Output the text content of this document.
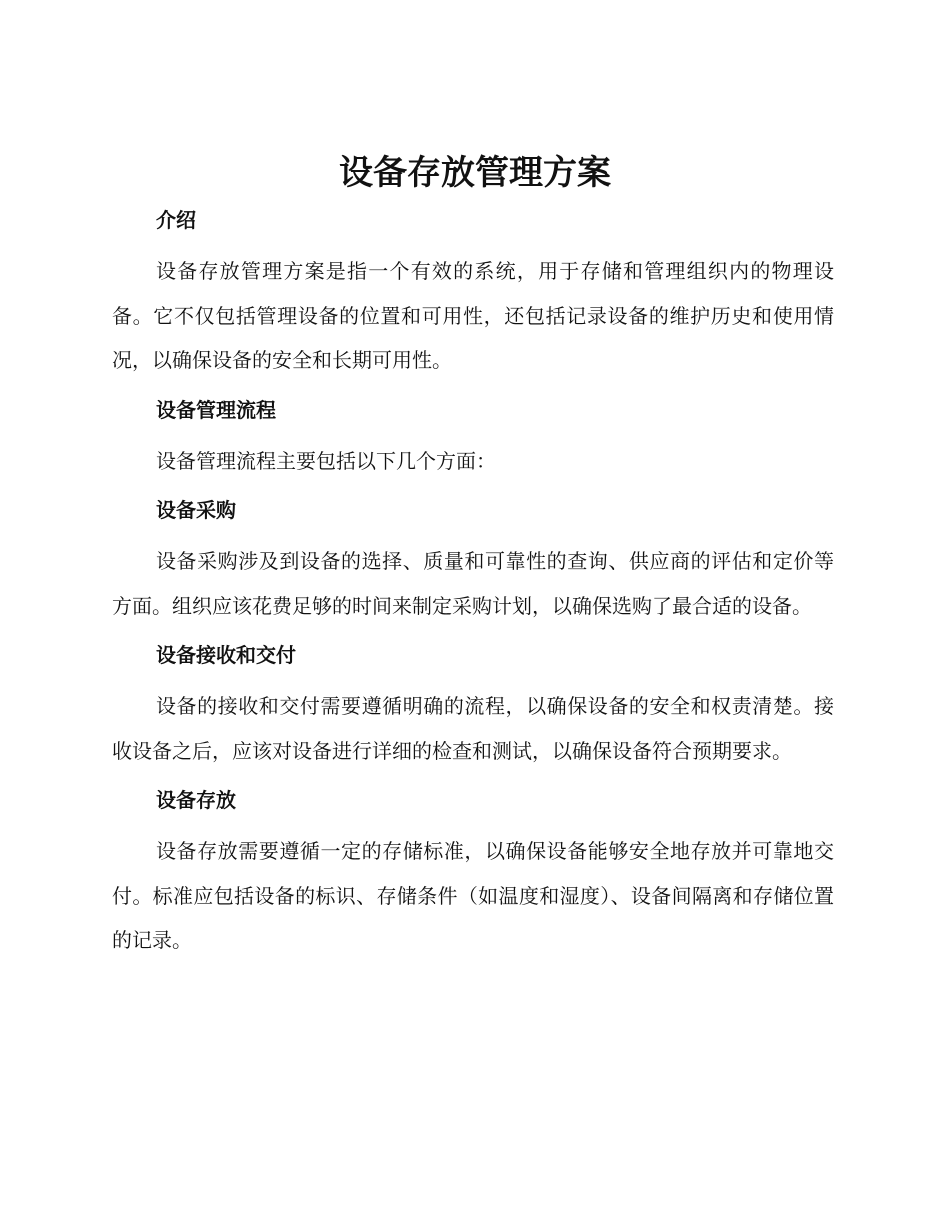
设备存放管理方案
介绍

设备存放管理方案是指一个有效的系统，用于存储和管理组织内的物理设备。它不仅包括管理设备的位置和可用性，还包括记录设备的维护历史和使用情况，以确保设备的安全和长期可用性。

设备管理流程

设备管理流程主要包括以下几个方面：

设备采购

设备采购涉及到设备的选择、质量和可靠性的查询、供应商的评估和定价等方面。组织应该花费足够的时间来制定采购计划，以确保选购了最合适的设备。

设备接收和交付

设备的接收和交付需要遵循明确的流程，以确保设备的安全和权责清楚。接收设备之后，应该对设备进行详细的检查和测试，以确保设备符合预期要求。

设备存放

设备存放需要遵循一定的存储标准，以确保设备能够安全地存放并可靠地交付。标准应包括设备的标识、存储条件（如温度和湿度）、设备间隔离和存储位置的记录。
